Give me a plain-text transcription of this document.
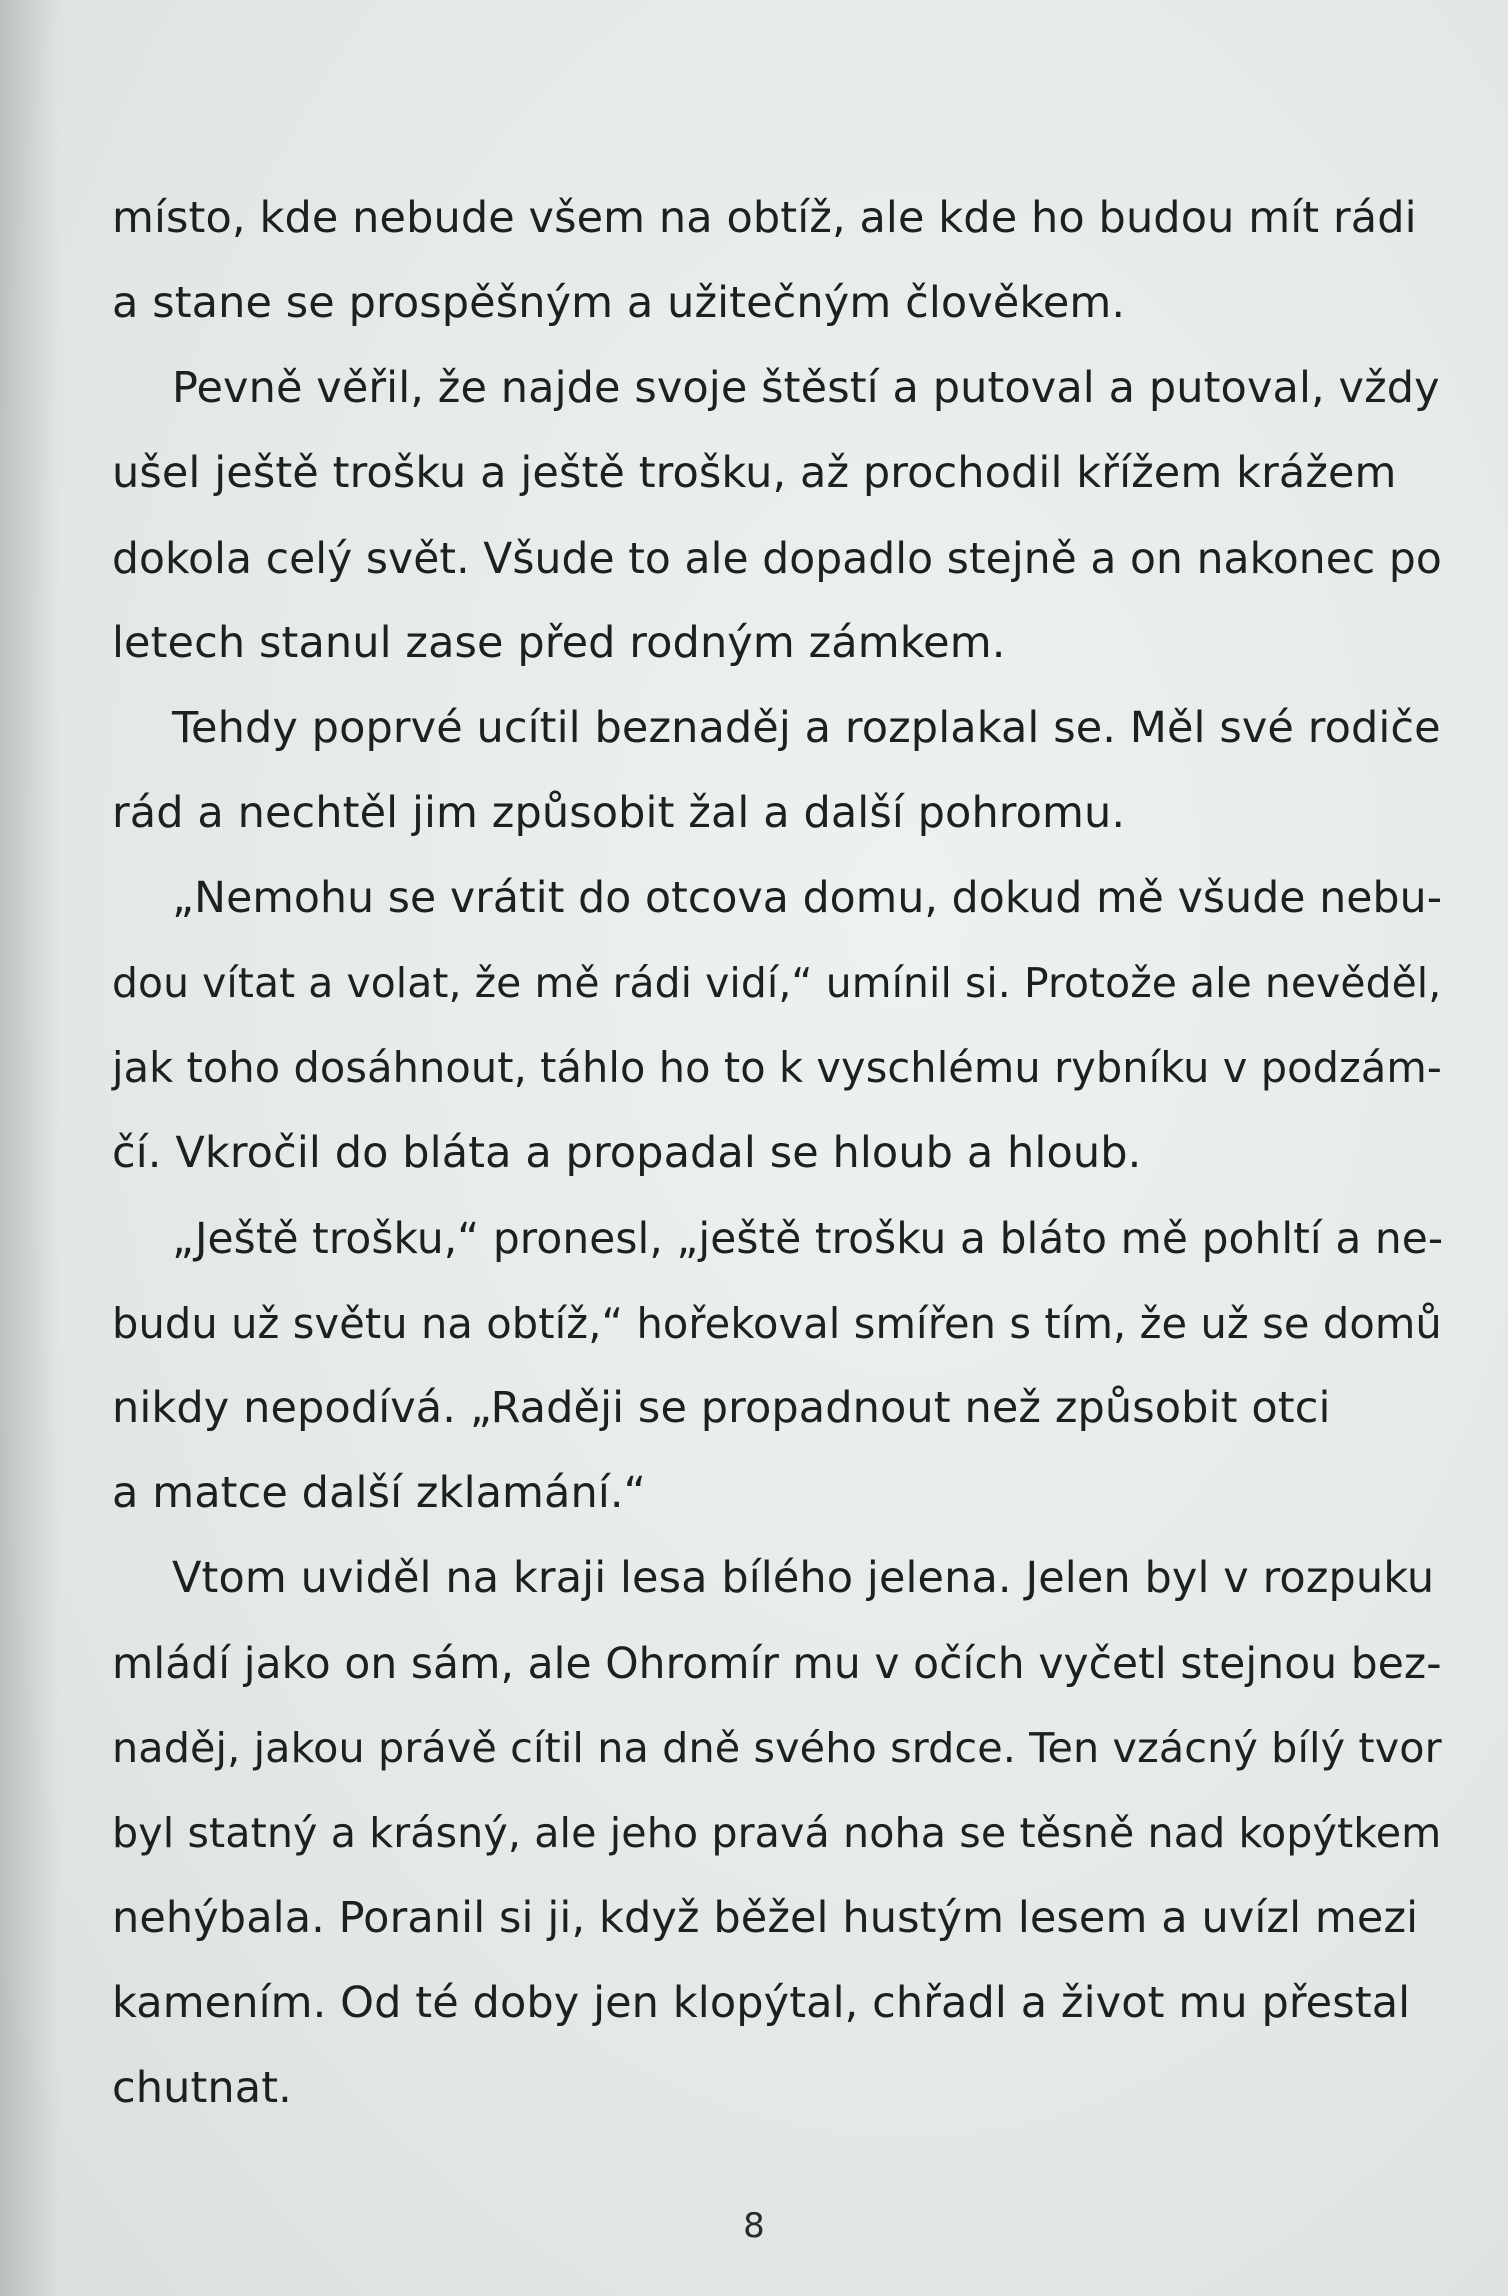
místo, kde nebude všem na obtíž, ale kde ho budou mít rádi
a stane se prospěšným a užitečným člověkem.
Pevně věřil, že najde svoje štěstí a putoval a putoval, vždy
ušel ještě trošku a ještě trošku, až prochodil křížem krážem
dokola celý svět. Všude to ale dopadlo stejně a on nakonec po
letech stanul zase před rodným zámkem.
Tehdy poprvé ucítil beznaděj a rozplakal se. Měl své rodiče
rád a nechtěl jim způsobit žal a další pohromu.
„Nemohu se vrátit do otcova domu, dokud mě všude nebu-
dou vítat a volat, že mě rádi vidí,“ umínil si. Protože ale nevěděl,
jak toho dosáhnout, táhlo ho to k vyschlému rybníku v podzám-
čí. Vkročil do bláta a propadal se hloub a hloub.
„Ještě trošku,“ pronesl, „ještě trošku a bláto mě pohltí a ne-
budu už světu na obtíž,“ hořekoval smířen s tím, že už se domů
nikdy nepodívá. „Raději se propadnout než způsobit otci
a matce další zklamání.“
Vtom uviděl na kraji lesa bílého jelena. Jelen byl v rozpuku
mládí jako on sám, ale Ohromír mu v očích vyčetl stejnou bez-
naděj, jakou právě cítil na dně svého srdce. Ten vzácný bílý tvor
byl statný a krásný, ale jeho pravá noha se těsně nad kopýtkem
nehýbala. Poranil si ji, když běžel hustým lesem a uvízl mezi
kamením. Od té doby jen klopýtal, chřadl a život mu přestal
chutnat.
8
